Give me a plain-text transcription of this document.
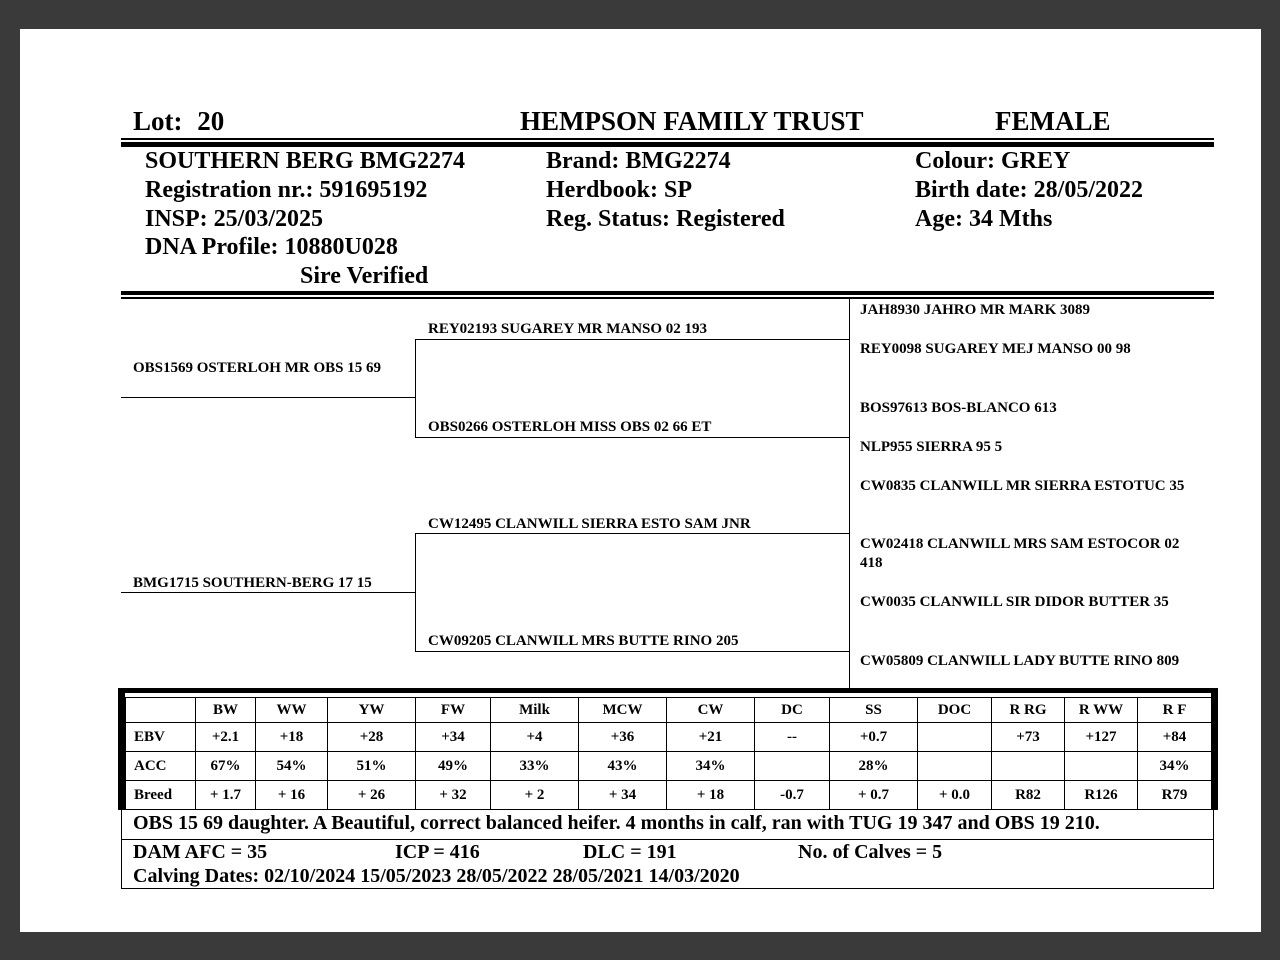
Lot: 20	HEMPSON FAMILY TRUST	FEMALE
SOUTHERN BERG BMG2274
Registration nr.: 591695192
INSP: 25/03/2025
DNA Profile: 10880U028
Sire Verified
Brand: BMG2274
Herdbook: SP
Reg. Status: Registered
Colour: GREY
Birth date: 28/05/2022
Age: 34 Mths
OBS1569 OSTERLOH MR OBS 15 69
BMG1715 SOUTHERN-BERG 17 15
REY02193 SUGAREY MR MANSO 02 193
OBS0266 OSTERLOH MISS OBS 02 66 ET
CW12495 CLANWILL SIERRA ESTO SAM JNR
CW09205 CLANWILL MRS BUTTE RINO 205
JAH8930 JAHRO MR MARK 3089
REY0098 SUGAREY MEJ MANSO 00 98
BOS97613 BOS-BLANCO 613
NLP955 SIERRA 95 5
CW0835 CLANWILL MR SIERRA ESTOTUC 35
CW02418 CLANWILL MRS SAM ESTOCOR 02 418
CW0035 CLANWILL SIR DIDOR BUTTER 35
CW05809 CLANWILL LADY BUTTE RINO 809
	BW	WW	YW	FW	Milk	MCW	CW	DC	SS	DOC	R RG	R WW	R F
EBV	+2.1	+18	+28	+34	+4	+36	+21	--	+0.7		+73	+127	+84
ACC	67%	54%	51%	49%	33%	43%	34%		28%				34%
Breed	+ 1.7	+ 16	+ 26	+ 32	+ 2	+ 34	+ 18	-0.7	+ 0.7	+ 0.0	R82	R126	R79
OBS 15 69 daughter. A Beautiful, correct balanced heifer. 4 months in calf, ran with TUG 19 347 and OBS 19 210.
DAM AFC = 35	ICP = 416	DLC = 191	No. of Calves = 5
Calving Dates: 02/10/2024 15/05/2023 28/05/2022 28/05/2021 14/03/2020
